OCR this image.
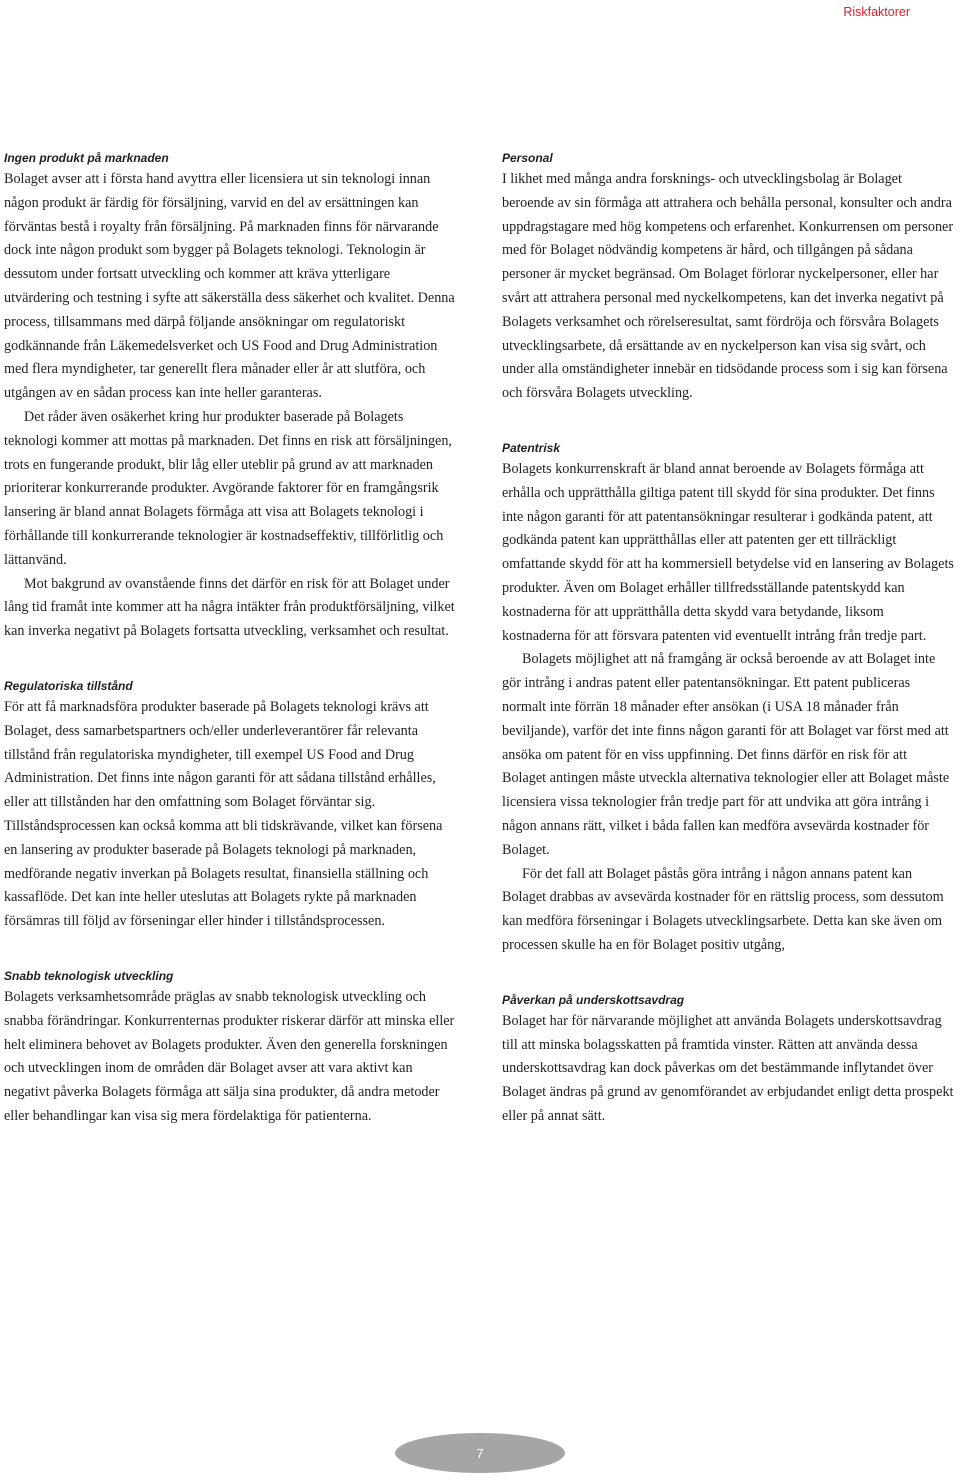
Riskfaktorer
Ingen produkt på marknaden

Bolaget avser att i första hand avyttra eller licensiera ut sin teknologi innan någon produkt är färdig för försäljning, varvid en del av ersättningen kan förväntas bestå i royalty från försäljning. På marknaden finns för närvarande dock inte någon produkt som bygger på Bolagets teknologi. Teknologin är dessutom under fortsatt utveckling och kommer att kräva ytterligare utvärdering och testning i syfte att säkerställa dess säkerhet och kvalitet. Denna process, tillsammans med därpå följande ansökningar om regulatoriskt godkännande från Läkemedelsverket och US Food and Drug Administration med flera myndigheter, tar generellt flera månader eller år att slutföra, och utgången av en sådan process kan inte heller garanteras.

Det råder även osäkerhet kring hur produkter baserade på Bolagets teknologi kommer att mottas på marknaden. Det finns en risk att försäljningen, trots en fungerande produkt, blir låg eller uteblir på grund av att marknaden prioriterar konkurrerande produkter. Avgörande faktorer för en framgångsrik lansering är bland annat Bolagets förmåga att visa att Bolagets teknologi i förhållande till konkurrerande teknologier är kostnadseffektiv, tillförlitlig och lättanvänd.

Mot bakgrund av ovanstående finns det därför en risk för att Bolaget under lång tid framåt inte kommer att ha några intäkter från produktförsäljning, vilket kan inverka negativt på Bolagets fortsatta utveckling, verksamhet och resultat.

Regulatoriska tillstånd

För att få marknadsföra produkter baserade på Bolagets teknologi krävs att Bolaget, dess samarbetspartners och/eller underleverantörer får relevanta tillstånd från regulatoriska myndigheter, till exempel US Food and Drug Administration. Det finns inte någon garanti för att sådana tillstånd erhålles, eller att tillstånden har den omfattning som Bolaget förväntar sig. Tillståndsprocessen kan också komma att bli tidskrävande, vilket kan försena en lansering av produkter baserade på Bolagets teknologi på marknaden, medförande negativ inverkan på Bolagets resultat, finansiella ställning och kassaflöde. Det kan inte heller uteslutas att Bolagets rykte på marknaden försämras till följd av förseningar eller hinder i tillståndsprocessen.

Snabb teknologisk utveckling

Bolagets verksamhetsområde präglas av snabb teknologisk utveckling och snabba förändringar. Konkurrenternas produkter riskerar därför att minska eller helt eliminera behovet av Bolagets produkter. Även den generella forskningen och utvecklingen inom de områden där Bolaget avser att vara aktivt kan negativt påverka Bolagets förmåga att sälja sina produkter, då andra metoder eller behandlingar kan visa sig mera fördelaktiga för patienterna.

Personal

I likhet med många andra forsknings- och utvecklingsbolag är Bolaget beroende av sin förmåga att attrahera och behålla personal, konsulter och andra uppdragstagare med hög kompetens och erfarenhet. Konkurrensen om personer med för Bolaget nödvändig kompetens är hård, och tillgången på sådana personer är mycket begränsad. Om Bolaget förlorar nyckelpersoner, eller har svårt att attrahera personal med nyckelkompetens, kan det inverka negativt på Bolagets verksamhet och rörelseresultat, samt fördröja och försvåra Bolagets utvecklingsarbete, då ersättande av en nyckelperson kan visa sig svårt, och under alla omständigheter innebär en tidsödande process som i sig kan försena och försvåra Bolagets utveckling.

Patentrisk

Bolagets konkurrenskraft är bland annat beroende av Bolagets förmåga att erhålla och upprätthålla giltiga patent till skydd för sina produkter. Det finns inte någon garanti för att patentansökningar resulterar i godkända patent, att godkända patent kan upprätthållas eller att patenten ger ett tillräckligt omfattande skydd för att ha kommersiell betydelse vid en lansering av Bolagets produkter. Även om Bolaget erhåller tillfredsställande patentskydd kan kostnaderna för att upprätthålla detta skydd vara betydande, liksom kostnaderna för att försvara patenten vid eventuellt intrång från tredje part.

Bolagets möjlighet att nå framgång är också beroende av att Bolaget inte gör intrång i andras patent eller patentansökningar. Ett patent publiceras normalt inte förrän 18 månader efter ansökan (i USA 18 månader från beviljande), varför det inte finns någon garanti för att Bolaget var först med att ansöka om patent för en viss uppfinning. Det finns därför en risk för att Bolaget antingen måste utveckla alternativa teknologier eller att Bolaget måste licensiera vissa teknologier från tredje part för att undvika att göra intrång i någon annans rätt, vilket i båda fallen kan medföra avsevärda kostnader för Bolaget.

För det fall att Bolaget påstås göra intrång i någon annans patent kan Bolaget drabbas av avsevärda kostnader för en rättslig process, som dessutom kan medföra förseningar i Bolagets utvecklingsarbete. Detta kan ske även om processen skulle ha en för Bolaget positiv utgång,

Påverkan på underskottsavdrag

Bolaget har för närvarande möjlighet att använda Bolagets underskottsavdrag till att minska bolagsskatten på framtida vinster. Rätten att använda dessa underskottsavdrag kan dock påverkas om det bestämmande inflytandet över Bolaget ändras på grund av genomförandet av erbjudandet enligt detta prospekt eller på annat sätt.

7
